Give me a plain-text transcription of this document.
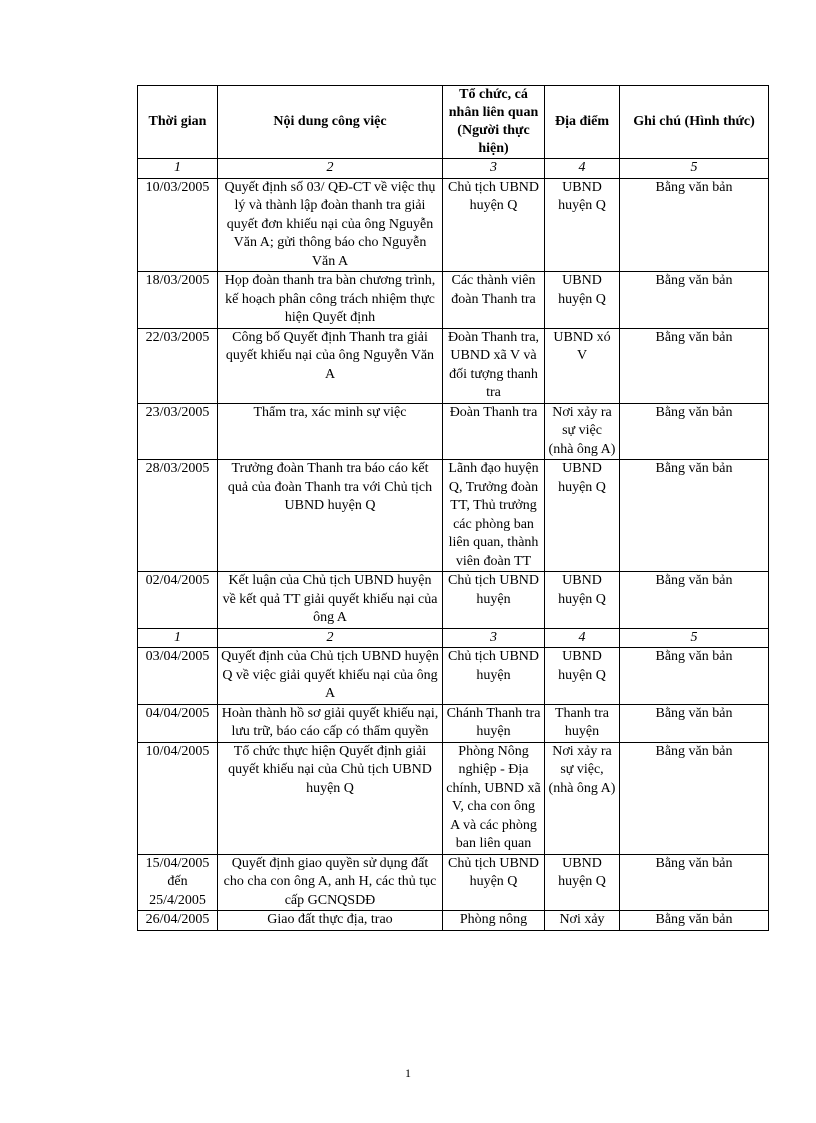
Thời gian	Nội dung công việc	Tổ chức, cá nhân liên quan (Người thực hiện)	Địa điểm	Ghi chú (Hình thức)
1	2	3	4	5
10/03/2005	Quyết định số 03/ QĐ-CT về việc thụ lý và thành lập đoàn thanh tra giải quyết đơn khiếu nại của ông Nguyễn Văn A; gửi thông báo cho Nguyễn Văn A	Chủ tịch UBND huyện Q	UBND huyện Q	Bằng văn bản
18/03/2005	Họp đoàn thanh tra bàn chương trình, kế hoạch phân công trách nhiệm thực hiện Quyết định	Các thành viên đoàn Thanh tra	UBND huyện Q	Bằng văn bản
22/03/2005	Công bố Quyết định Thanh tra giải quyết khiếu nại của ông Nguyễn Văn A	Đoàn Thanh tra, UBND xã V và đối tượng thanh tra	UBND xó V	Bằng văn bản
23/03/2005	Thẩm tra, xác minh sự việc	Đoàn Thanh tra	Nơi xảy ra sự việc (nhà ông A)	Bằng văn bản
28/03/2005	Trưởng đoàn Thanh tra báo cáo kết quả của đoàn Thanh tra với Chủ tịch UBND huyện Q	Lãnh đạo huyện Q, Trưởng đoàn TT, Thủ trưởng các phòng ban liên quan, thành viên đoàn TT	UBND huyện Q	Bằng văn bản
02/04/2005	Kết luận của Chủ tịch UBND huyện về kết quả TT giải quyết khiếu nại của ông A	Chủ tịch UBND huyện	UBND huyện Q	Bằng văn bản
1	2	3	4	5
03/04/2005	Quyết định của Chủ tịch UBND huyện Q về việc giải quyết khiếu nại của ông A	Chủ tịch UBND huyện	UBND huyện Q	Bằng văn bản
04/04/2005	Hoàn thành hồ sơ giải quyết khiếu nại, lưu trữ, báo cáo cấp có thẩm quyền	Chánh Thanh tra huyện	Thanh tra huyện	Bằng văn bản
10/04/2005	Tổ chức thực hiện Quyết định giải quyết khiếu nại của Chủ tịch UBND huyện Q	Phòng Nông nghiệp - Địa chính, UBND xã V, cha con ông A và các phòng ban liên quan	Nơi xảy ra sự việc, (nhà ông A)	Bằng văn bản
15/04/2005 đến 25/4/2005	Quyết định giao quyền sử dụng đất cho cha con ông A, anh H, các thủ tục cấp GCNQSDĐ	Chủ tịch UBND huyện Q	UBND huyện Q	Bằng văn bản
26/04/2005	Giao đất thực địa, trao	Phòng nông	Nơi xảy	Bằng văn bản
1
